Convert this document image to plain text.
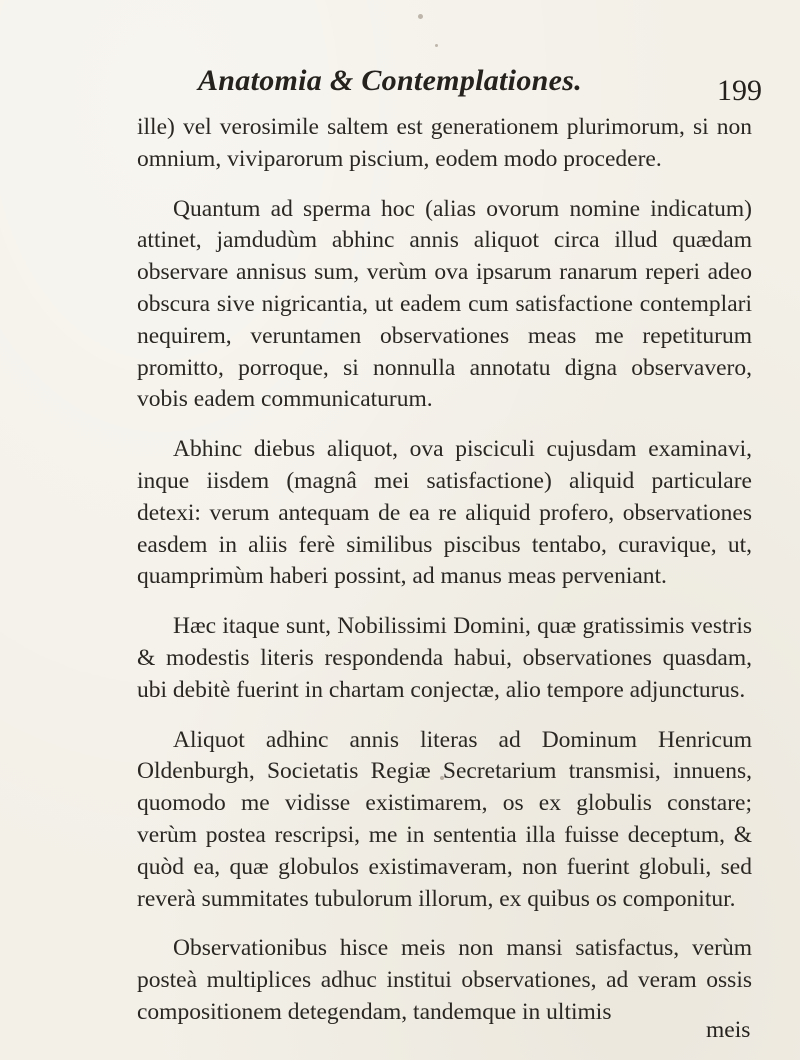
Anatomia & Contemplationes.	199

ille) vel verosimile saltem est generationem plurimorum, si non omnium, viviparorum piscium, eodem modo procedere.

Quantum ad sperma hoc (alias ovorum nomine indicatum) attinet, jamdudùm abhinc annis aliquot circa illud quædam observare annisus sum, verùm ova ipsarum ranarum reperi adeo obscura sive nigricantia, ut eadem cum satisfactione contemplari nequirem, veruntamen observationes meas me repetiturum promitto, porroque, si nonnulla annotatu digna observavero, vobis eadem communicaturum.

Abhinc diebus aliquot, ova pisciculi cujusdam examinavi, inque iisdem (magnâ mei satisfactione) aliquid particulare detexi: verum antequam de ea re aliquid profero, observationes easdem in aliis ferè similibus piscibus tentabo, curavique, ut, quamprimùm haberi possint, ad manus meas perveniant.

Hæc itaque sunt, Nobilissimi Domini, quæ gratissimis vestris & modestis literis respondenda habui, observationes quasdam, ubi debitè fuerint in chartam conjectæ, alio tempore adjuncturus.

Aliquot adhinc annis literas ad Dominum Henricum Oldenburgh, Societatis Regiæ Secretarium transmisi, innuens, quomodo me vidisse existimarem, os ex globulis constare; verùm postea rescripsi, me in sententia illa fuisse deceptum, & quòd ea, quæ globulos existimaveram, non fuerint globuli, sed reverà summitates tubulorum illorum, ex quibus os componitur.

Observationibus hisce meis non mansi satisfactus, verùm posteà multiplices adhuc institui observationes, ad veram ossis compositionem detegendam, tandemque in ultimis

meis
